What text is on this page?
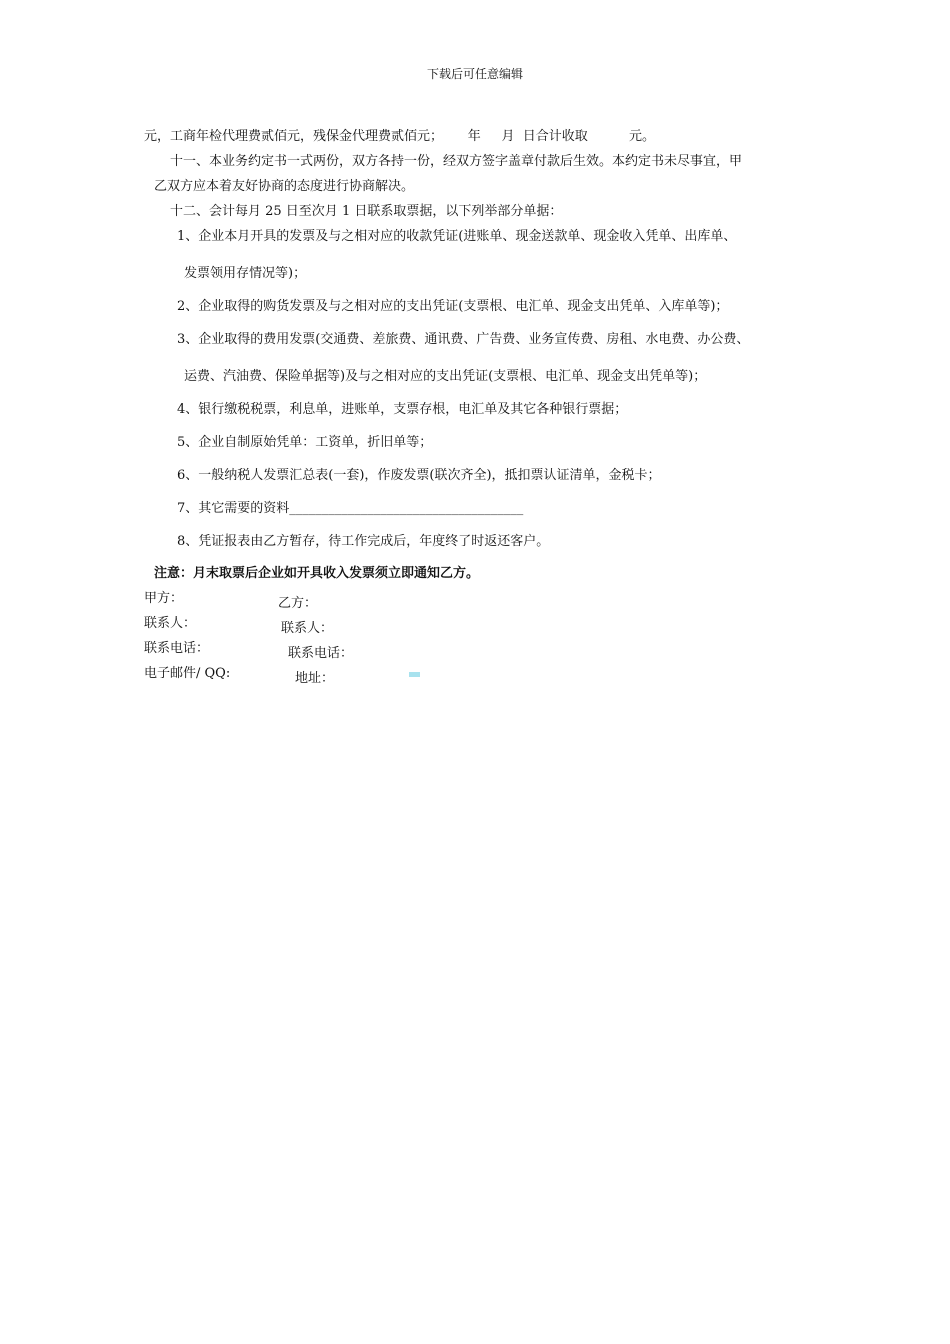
下载后可任意编辑
元，工商年检代理费贰佰元，残保金代理费贰佰元；      年     月  日合计收取          元。
十一、本业务约定书一式两份，双方各持一份，经双方签字盖章付款后生效。本约定书未尽事宜，甲
乙双方应本着友好协商的态度进行协商解决。
十二、会计每月 25 日至次月 1 日联系取票据，以下列举部分单据：
1、企业本月开具的发票及与之相对应的收款凭证(进账单、现金送款单、现金收入凭单、出库单、
发票领用存情况等)；
2、企业取得的购货发票及与之相对应的支出凭证(支票根、电汇单、现金支出凭单、入库单等)；
3、企业取得的费用发票(交通费、差旅费、通讯费、广告费、业务宣传费、房租、水电费、办公费、
运费、汽油费、保险单据等)及与之相对应的支出凭证(支票根、电汇单、现金支出凭单等)；
4、银行缴税税票，利息单，进账单，支票存根，电汇单及其它各种银行票据；
5、企业自制原始凭单：工资单，折旧单等；
6、一般纳税人发票汇总表(一套)，作废发票(联次齐全)，抵扣票认证清单，金税卡；
7、其它需要的资料____________________________________
8、凭证报表由乙方暂存，待工作完成后，年度终了时返还客户。
注意：月末取票后企业如开具收入发票须立即通知乙方。
甲方：	乙方：
联系人：	联系人：
联系电话：	联系电话：
电子邮件/ QQ:	地址：
